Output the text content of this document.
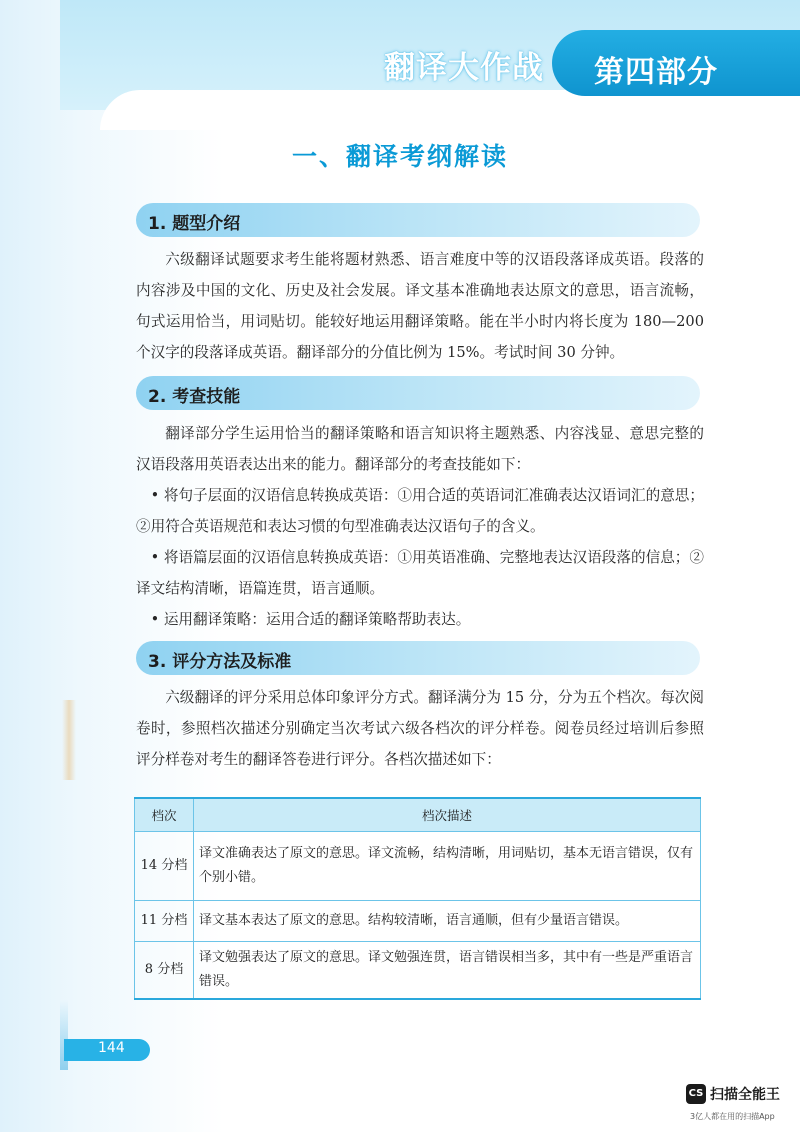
翻译大作战 第四部分
一、翻译考纲解读
1. 题型介绍

六级翻译试题要求考生能将题材熟悉、语言难度中等的汉语段落译成英语。段落的内容涉及中国的文化、历史及社会发展。译文基本准确地表达原文的意思，语言流畅，句式运用恰当，用词贴切。能较好地运用翻译策略。能在半小时内将长度为 180—200 个汉字的段落译成英语。翻译部分的分值比例为 15%。考试时间 30 分钟。

2. 考查技能

翻译部分学生运用恰当的翻译策略和语言知识将主题熟悉、内容浅显、意思完整的汉语段落用英语表达出来的能力。翻译部分的考查技能如下：

• 将句子层面的汉语信息转换成英语：①用合适的英语词汇准确表达汉语词汇的意思；②用符合英语规范和表达习惯的句型准确表达汉语句子的含义。

• 将语篇层面的汉语信息转换成英语：①用英语准确、完整地表达汉语段落的信息；②译文结构清晰，语篇连贯，语言通顺。

• 运用翻译策略：运用合适的翻译策略帮助表达。

3. 评分方法及标准

六级翻译的评分采用总体印象评分方式。翻译满分为 15 分，分为五个档次。每次阅卷时，参照档次描述分别确定当次考试六级各档次的评分样卷。阅卷员经过培训后参照评分样卷对考生的翻译答卷进行评分。各档次描述如下：

档次	档次描述
14 分档	译文准确表达了原文的意思。译文流畅，结构清晰，用词贴切，基本无语言错误，仅有个别小错。
11 分档	译文基本表达了原文的意思。结构较清晰，语言通顺，但有少量语言错误。
8 分档	译文勉强表达了原文的意思。译文勉强连贯，语言错误相当多，其中有一些是严重语言错误。
144
CS 扫描全能王
3亿人都在用的扫描App
